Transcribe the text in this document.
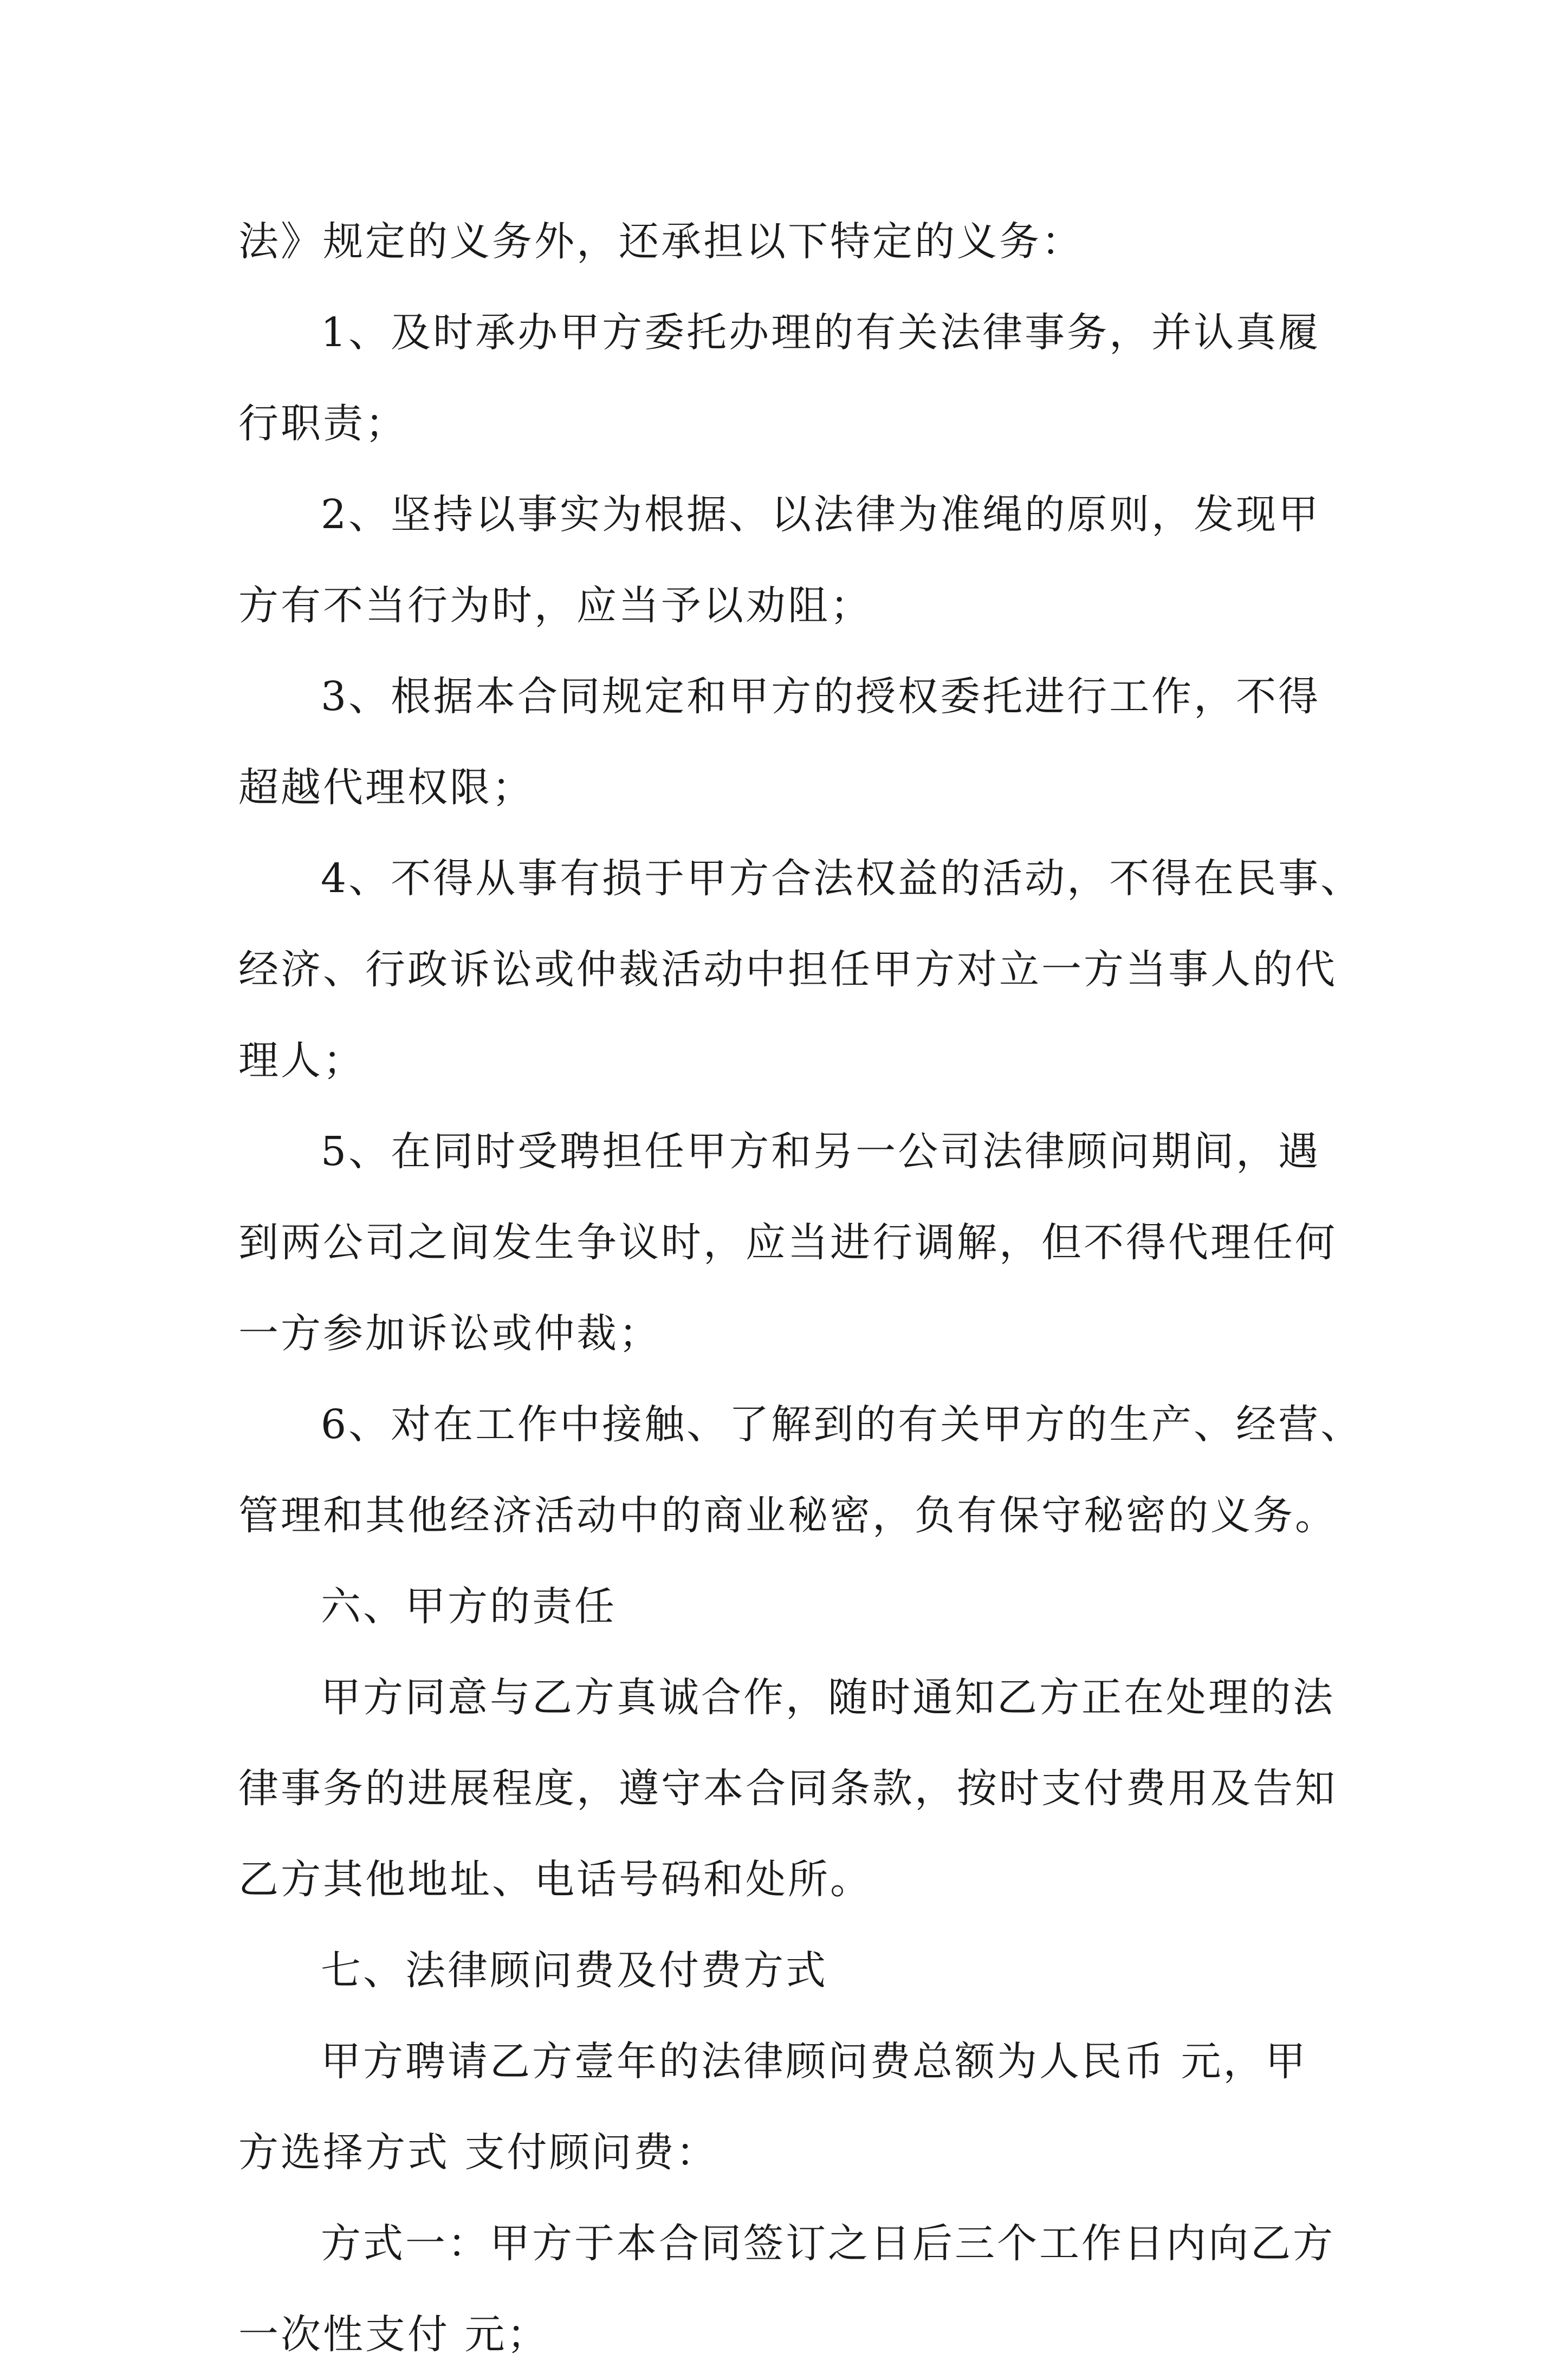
法》规定的义务外，还承担以下特定的义务：
1、及时承办甲方委托办理的有关法律事务，并认真履
行职责；
2、坚持以事实为根据、以法律为准绳的原则，发现甲
方有不当行为时，应当予以劝阻；
3、根据本合同规定和甲方的授权委托进行工作，不得
超越代理权限；
4、不得从事有损于甲方合法权益的活动，不得在民事、
经济、行政诉讼或仲裁活动中担任甲方对立一方当事人的代
理人；
5、在同时受聘担任甲方和另一公司法律顾问期间，遇
到两公司之间发生争议时，应当进行调解，但不得代理任何
一方参加诉讼或仲裁；
6、对在工作中接触、了解到的有关甲方的生产、经营、
管理和其他经济活动中的商业秘密，负有保守秘密的义务。
六、甲方的责任
甲方同意与乙方真诚合作，随时通知乙方正在处理的法
律事务的进展程度，遵守本合同条款，按时支付费用及告知
乙方其他地址、电话号码和处所。
七、法律顾问费及付费方式
甲方聘请乙方壹年的法律顾问费总额为人民币 元，甲
方选择方式 支付顾问费：
方式一：甲方于本合同签订之日后三个工作日内向乙方
一次性支付 元；
